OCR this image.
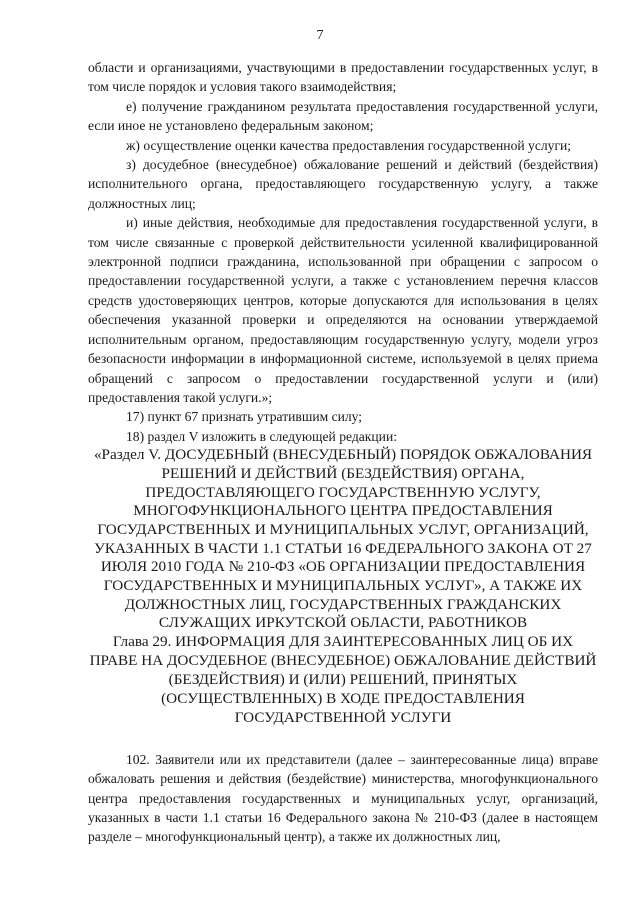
7

области и организациями, участвующими в предоставлении государственных услуг, в том числе порядок и условия такого взаимодействия;

е) получение гражданином результата предоставления государственной услуги, если иное не установлено федеральным законом;

ж) осуществление оценки качества предоставления государственной услуги;

з) досудебное (внесудебное) обжалование решений и действий (бездействия) исполнительного органа, предоставляющего государственную услугу, а также должностных лиц;

и) иные действия, необходимые для предоставления государственной услуги, в том числе связанные с проверкой действительности усиленной квалифицированной электронной подписи гражданина, использованной при обращении с запросом о предоставлении государственной услуги, а также с установлением перечня классов средств удостоверяющих центров, которые допускаются для использования в целях обеспечения указанной проверки и определяются на основании утверждаемой исполнительным органом, предоставляющим государственную услугу, модели угроз безопасности информации в информационной системе, используемой в целях приема обращений с запросом о предоставлении государственной услуги и (или) предоставления такой услуги.»;

17) пункт 67 признать утратившим силу;

18) раздел V изложить в следующей редакции:

«Раздел V. ДОСУДЕБНЫЙ (ВНЕСУДЕБНЫЙ) ПОРЯДОК ОБЖАЛОВАНИЯ РЕШЕНИЙ И ДЕЙСТВИЙ (БЕЗДЕЙСТВИЯ) ОРГАНА, ПРЕДОСТАВЛЯЮЩЕГО ГОСУДАРСТВЕННУЮ УСЛУГУ, МНОГОФУНКЦИОНАЛЬНОГО ЦЕНТРА ПРЕДОСТАВЛЕНИЯ ГОСУДАРСТВЕННЫХ И МУНИЦИПАЛЬНЫХ УСЛУГ, ОРГАНИЗАЦИЙ, УКАЗАННЫХ В ЧАСТИ 1.1 СТАТЬИ 16 ФЕДЕРАЛЬНОГО ЗАКОНА ОТ 27 ИЮЛЯ 2010 ГОДА № 210-ФЗ «ОБ ОРГАНИЗАЦИИ ПРЕДОСТАВЛЕНИЯ ГОСУДАРСТВЕННЫХ И МУНИЦИПАЛЬНЫХ УСЛУГ», А ТАКЖЕ ИХ ДОЛЖНОСТНЫХ ЛИЦ, ГОСУДАРСТВЕННЫХ ГРАЖДАНСКИХ СЛУЖАЩИХ ИРКУТСКОЙ ОБЛАСТИ, РАБОТНИКОВ

Глава 29. ИНФОРМАЦИЯ ДЛЯ ЗАИНТЕРЕСОВАННЫХ ЛИЦ ОБ ИХ ПРАВЕ НА ДОСУДЕБНОЕ (ВНЕСУДЕБНОЕ) ОБЖАЛОВАНИЕ ДЕЙСТВИЙ (БЕЗДЕЙСТВИЯ) И (ИЛИ) РЕШЕНИЙ, ПРИНЯТЫХ (ОСУЩЕСТВЛЕННЫХ) В ХОДЕ ПРЕДОСТАВЛЕНИЯ ГОСУДАРСТВЕННОЙ УСЛУГИ

102. Заявители или их представители (далее – заинтересованные лица) вправе обжаловать решения и действия (бездействие) министерства, многофункционального центра предоставления государственных и муниципальных услуг, организаций, указанных в части 1.1 статьи 16 Федерального закона № 210-ФЗ (далее в настоящем разделе – многофункциональный центр), а также их должностных лиц,
